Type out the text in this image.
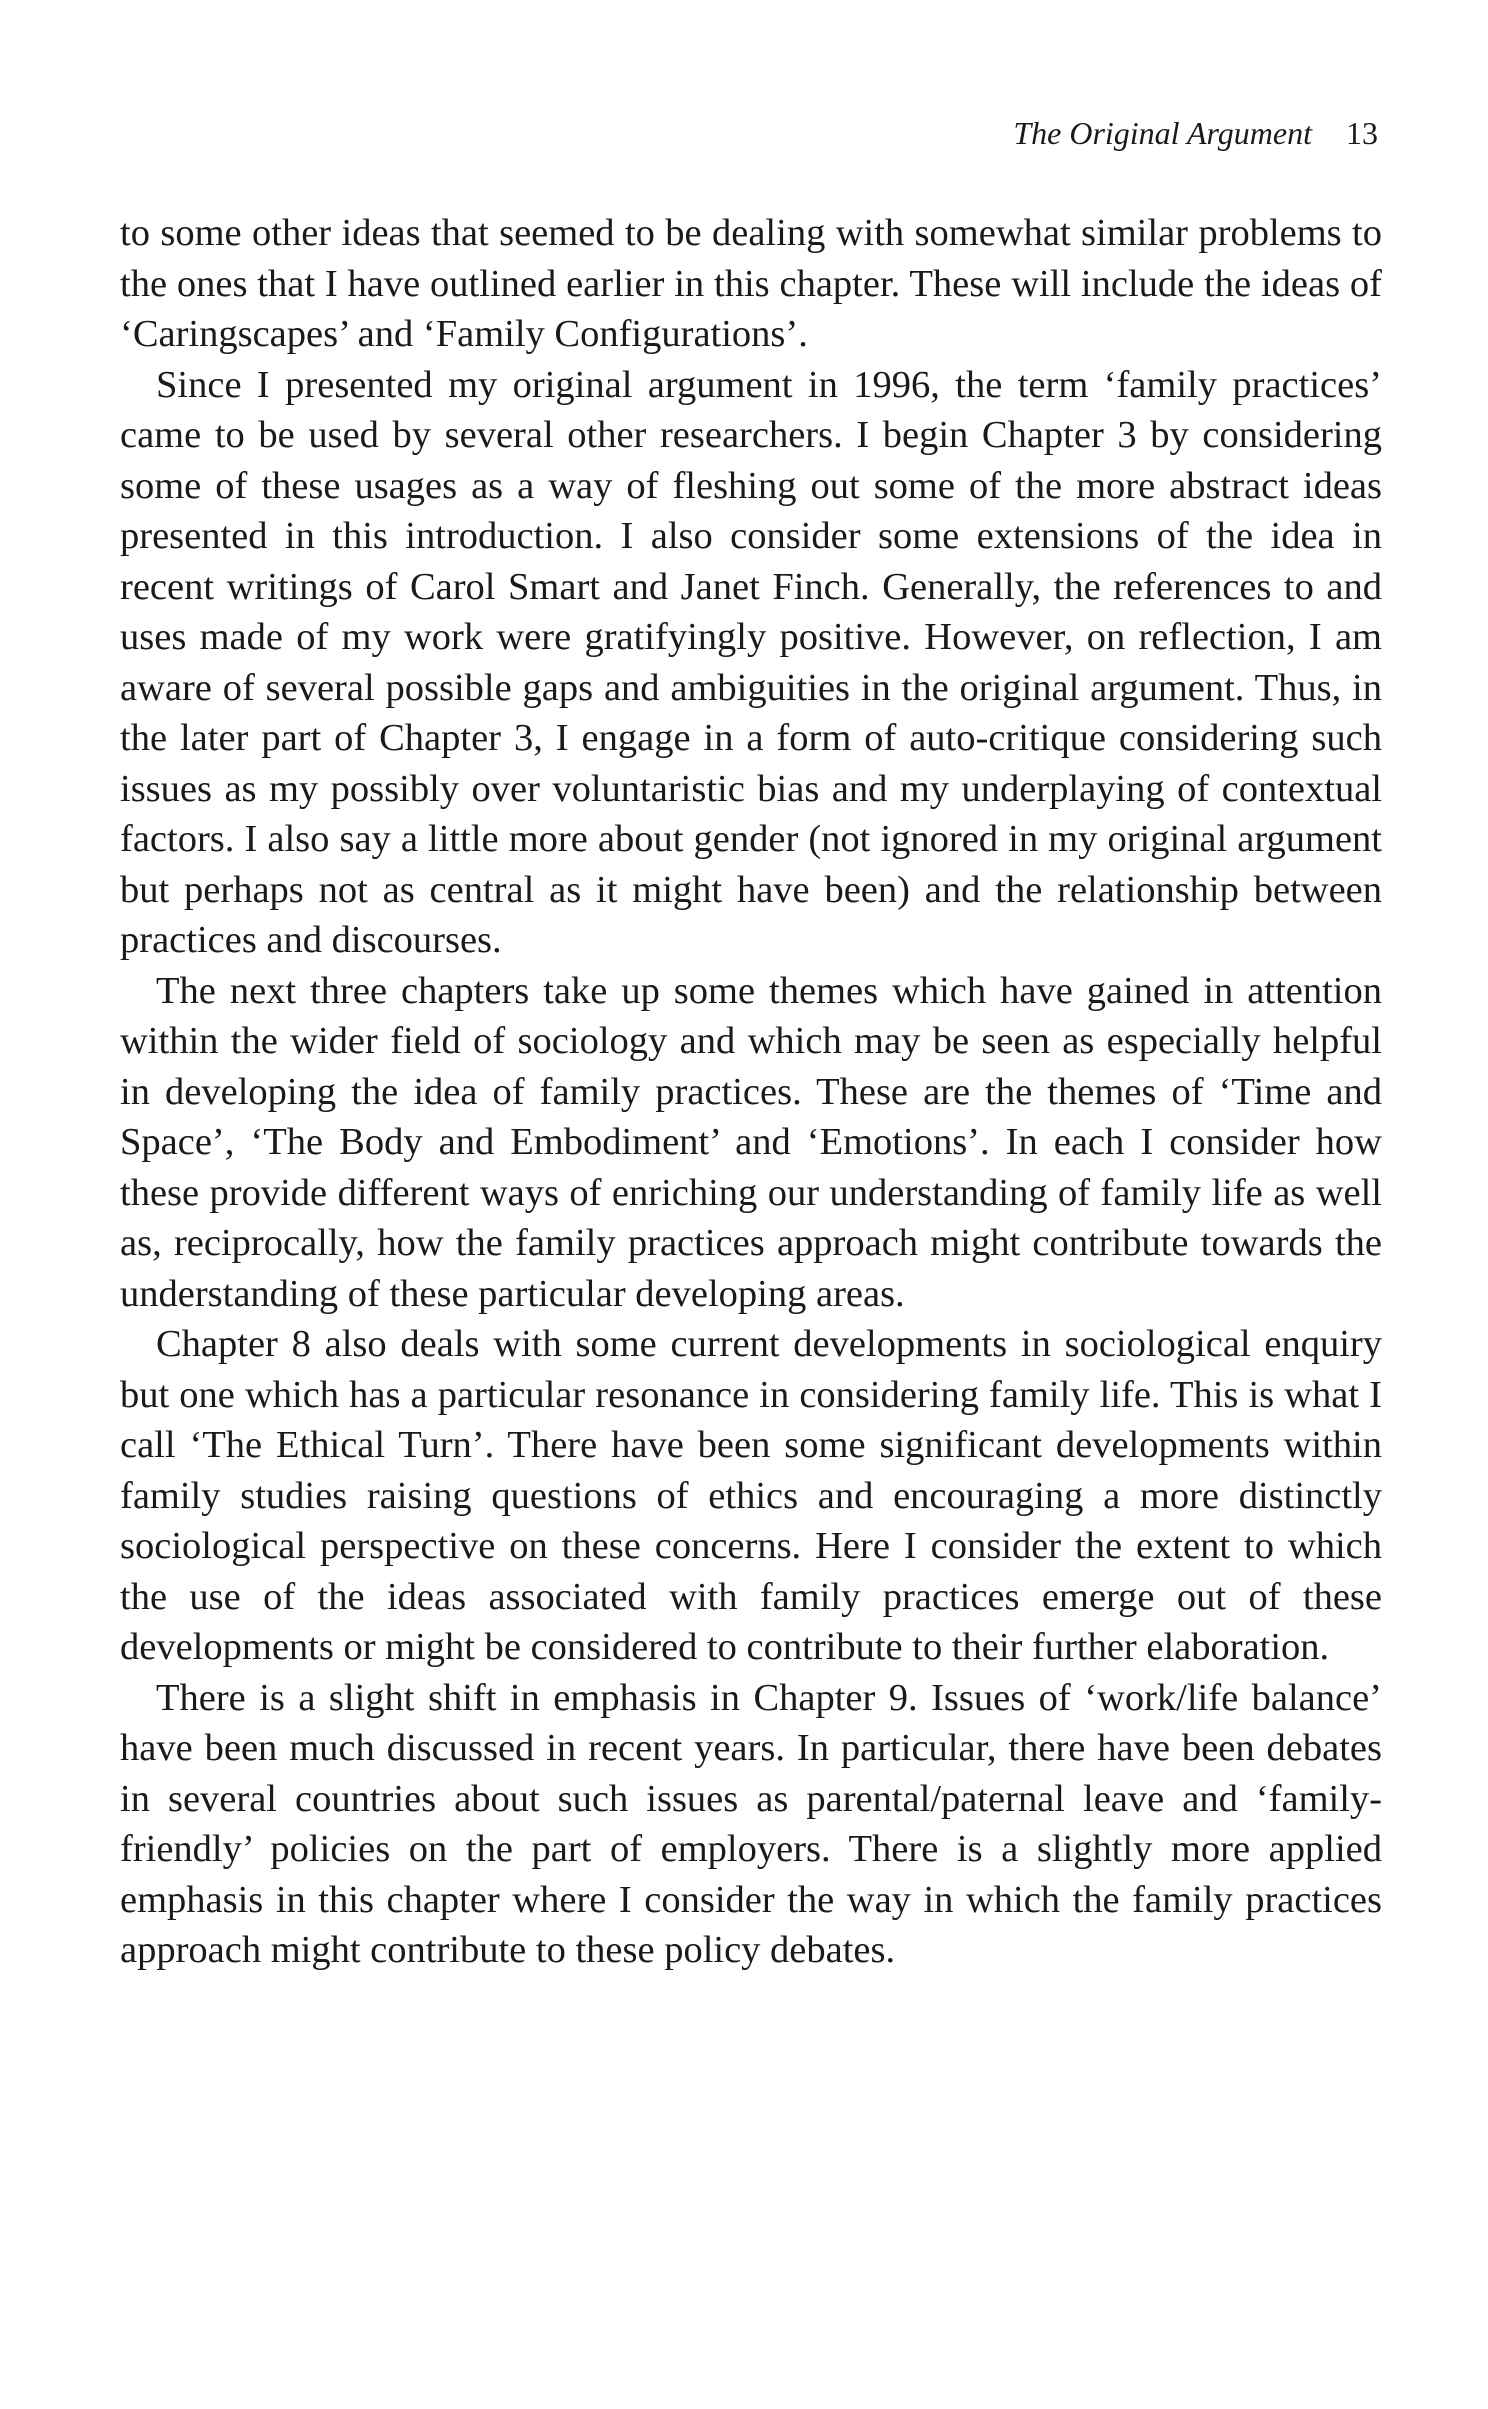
The Original Argument 13

to some other ideas that seemed to be dealing with somewhat similar problems to the ones that I have outlined earlier in this chapter. These will include the ideas of ‘Caringscapes’ and ‘Family Configurations’.

Since I presented my original argument in 1996, the term ‘family practices’ came to be used by several other researchers. I begin Chapter 3 by considering some of these usages as a way of fleshing out some of the more abstract ideas presented in this introduction. I also consider some extensions of the idea in recent writings of Carol Smart and Janet Finch. Generally, the references to and uses made of my work were gratifyingly positive. However, on reflection, I am aware of several possible gaps and ambiguities in the original argument. Thus, in the later part of Chapter 3, I engage in a form of auto-critique considering such issues as my possibly over voluntaristic bias and my underplaying of contextual factors. I also say a little more about gender (not ignored in my original argument but perhaps not as central as it might have been) and the relationship between practices and discourses.

The next three chapters take up some themes which have gained in attention within the wider field of sociology and which may be seen as especially helpful in developing the idea of family practices. These are the themes of ‘Time and Space’, ‘The Body and Embodiment’ and ‘Emotions’. In each I consider how these provide different ways of enriching our understanding of family life as well as, reciprocally, how the family practices approach might contribute towards the understanding of these particular developing areas.

Chapter 8 also deals with some current developments in sociological enquiry but one which has a particular resonance in considering family life. This is what I call ‘The Ethical Turn’. There have been some significant developments within family studies raising questions of ethics and encouraging a more distinctly sociological perspective on these concerns. Here I consider the extent to which the use of the ideas associated with family practices emerge out of these developments or might be considered to contribute to their further elaboration.

There is a slight shift in emphasis in Chapter 9. Issues of ‘work/life balance’ have been much discussed in recent years. In particular, there have been debates in several countries about such issues as parental/paternal leave and ‘family-friendly’ policies on the part of employers. There is a slightly more applied emphasis in this chapter where I consider the way in which the family practices approach might contribute to these policy debates.
